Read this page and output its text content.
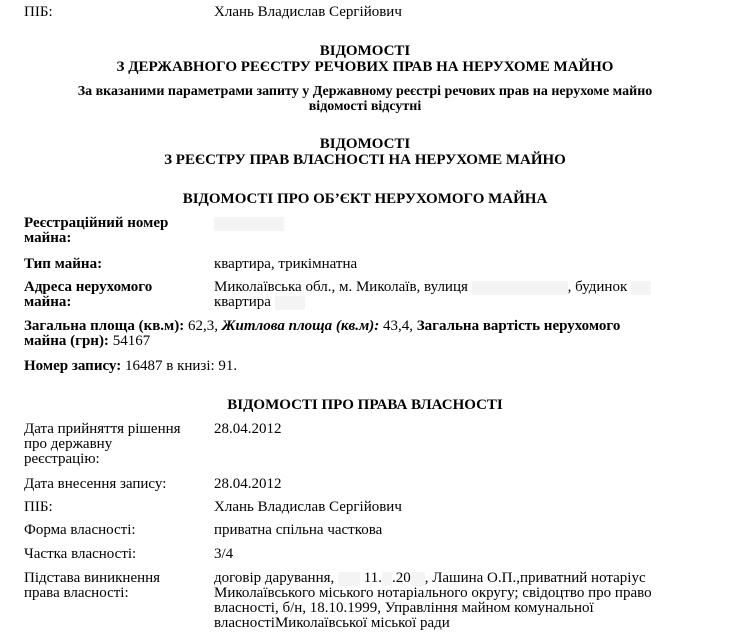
ПІБ:	Хлань Владислав Сергійович
ВІДОМОСТІ
З ДЕРЖАВНОГО РЕЄСТРУ РЕЧОВИХ ПРАВ НА НЕРУХОМЕ МАЙНО
За вказаними параметрами запиту у Державному реєстрі речових прав на нерухоме майно
відомості відсутні
ВІДОМОСТІ
З РЕЄСТРУ ПРАВ ВЛАСНОСТІ НА НЕРУХОМЕ МАЙНО
ВІДОМОСТІ ПРО ОБ’ЄКТ НЕРУХОМОГО МАЙНА
Реєстраційний номер
майна:
Тип майна:	квартира, трикімнатна
Адреса нерухомого
майна:
Миколаївська обл., м. Миколаїв, вулиця	, будинок
квартира
Загальна площа (кв.м): 62,3, Житлова площа (кв.м): 43,4, Загальна вартість нерухомого
майна (грн): 54167
Номер запису: 16487 в книзі: 91.
ВІДОМОСТІ ПРО ПРАВА ВЛАСНОСТІ
Дата прийняття рішення
про державну
реєстрацію:
28.04.2012
Дата внесення запису:	28.04.2012
ПІБ:	Хлань Владислав Сергійович
Форма власності:	приватна спільна часткова
Частка власності:	3/4
Підстава виникнення
права власності:
договір дарування, 11. .20 , Лашина О.П.,приватний нотаріус
Миколаївського міського нотаріального округу; свідоцтво про право
власності, б/н, 18.10.1999, Управління майном комунальної
власностіМиколаївської міської ради
